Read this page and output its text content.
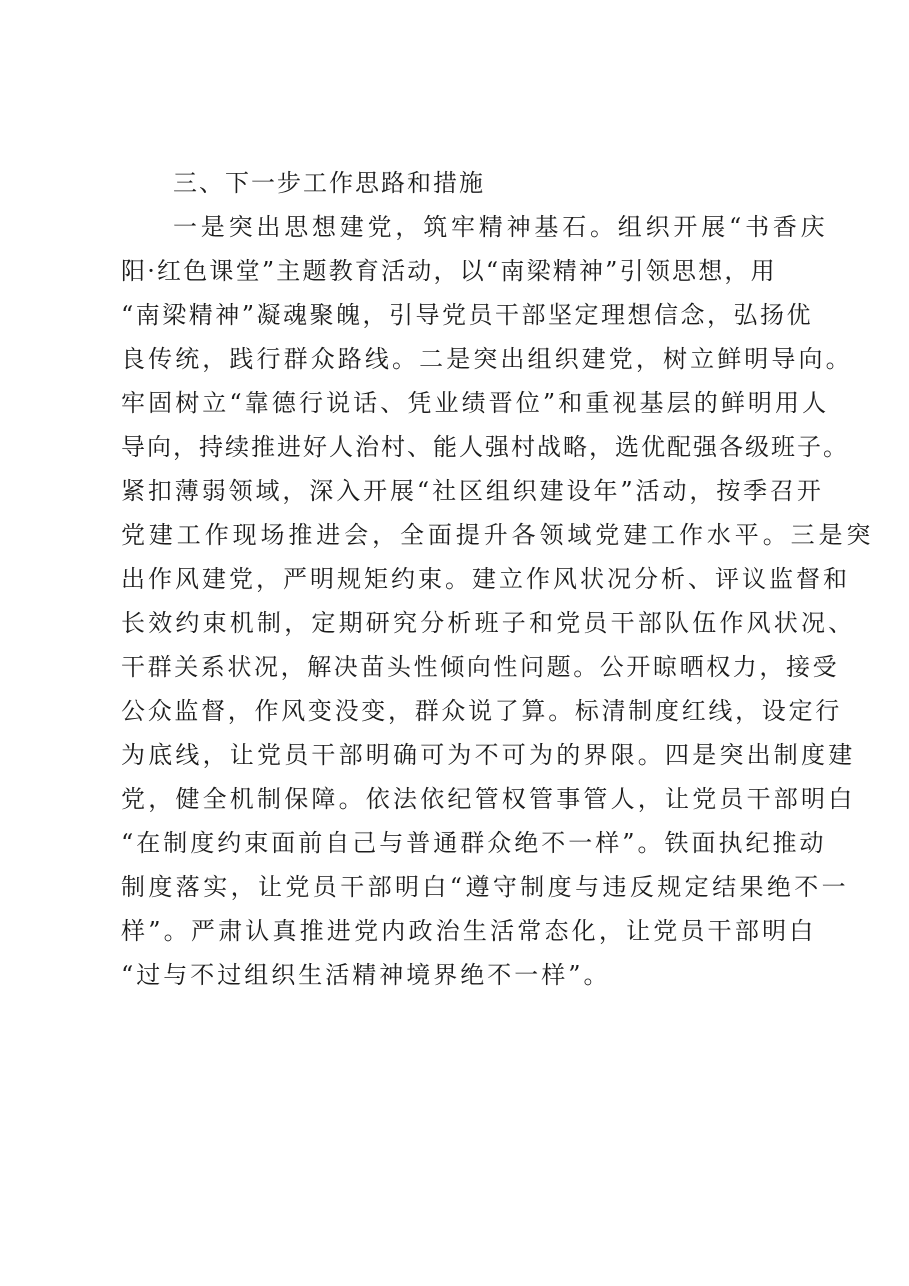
三、下一步工作思路和措施
一是突出思想建党，筑牢精神基石。组织开展“书香庆
阳·红色课堂”主题教育活动，以“南梁精神”引领思想，用
“南梁精神”凝魂聚魄，引导党员干部坚定理想信念，弘扬优
良传统，践行群众路线。二是突出组织建党，树立鲜明导向。
牢固树立“靠德行说话、凭业绩晋位”和重视基层的鲜明用人
导向，持续推进好人治村、能人强村战略，选优配强各级班子。
紧扣薄弱领域，深入开展“社区组织建设年”活动，按季召开
党建工作现场推进会，全面提升各领域党建工作水平。三是突
出作风建党，严明规矩约束。建立作风状况分析、评议监督和
长效约束机制，定期研究分析班子和党员干部队伍作风状况、
干群关系状况，解决苗头性倾向性问题。公开晾晒权力，接受
公众监督，作风变没变，群众说了算。标清制度红线，设定行
为底线，让党员干部明确可为不可为的界限。四是突出制度建
党，健全机制保障。依法依纪管权管事管人，让党员干部明白
“在制度约束面前自己与普通群众绝不一样”。铁面执纪推动
制度落实，让党员干部明白“遵守制度与违反规定结果绝不一
样”。严肃认真推进党内政治生活常态化，让党员干部明白
“过与不过组织生活精神境界绝不一样”。
